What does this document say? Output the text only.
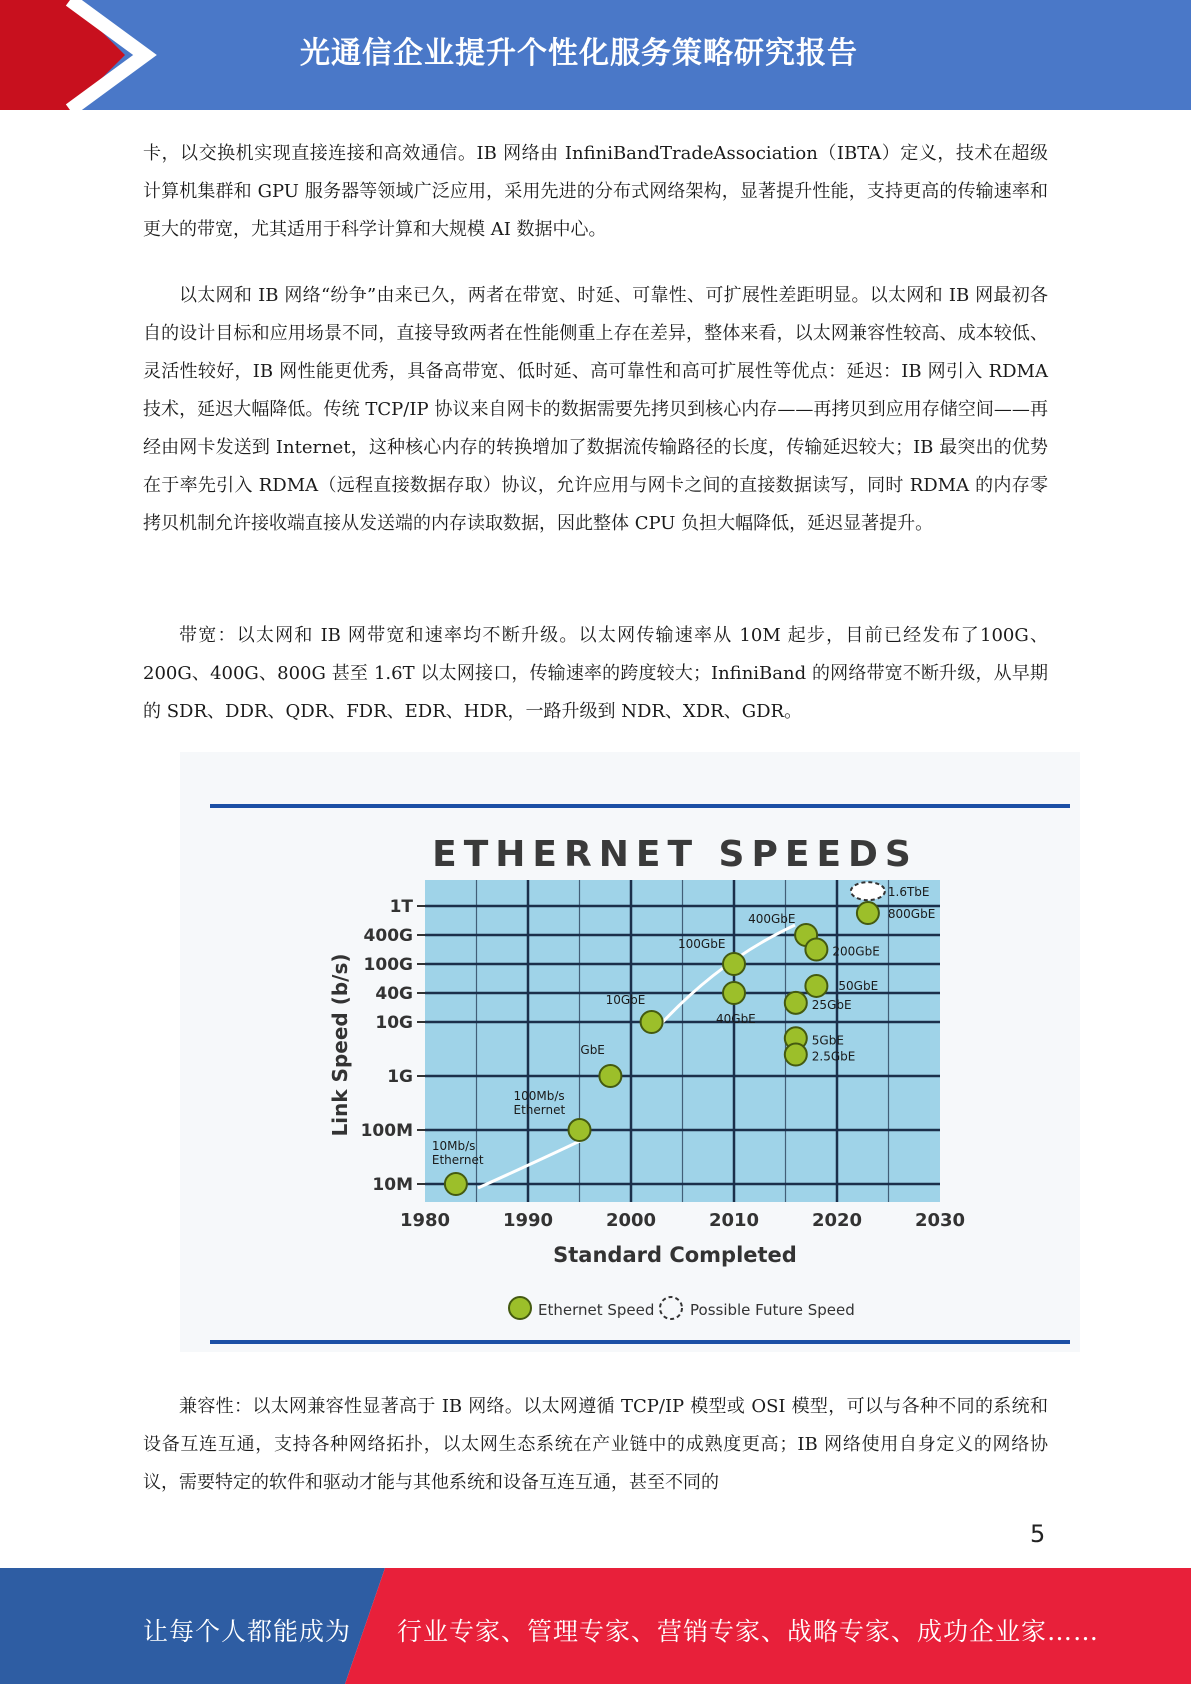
光通信企业提升个性化服务策略研究报告

卡，以交换机实现直接连接和高效通信。IB 网络由 InfiniBandTradeAssociation（IBTA）定义，技术在超级计算机集群和 GPU 服务器等领域广泛应用，采用先进的分布式网络架构，显著提升性能，支持更高的传输速率和更大的带宽，尤其适用于科学计算和大规模 AI 数据中心。

以太网和 IB 网络“纷争”由来已久，两者在带宽、时延、可靠性、可扩展性差距明显。以太网和 IB 网最初各自的设计目标和应用场景不同，直接导致两者在性能侧重上存在差异，整体来看，以太网兼容性较高、成本较低、灵活性较好，IB 网性能更优秀，具备高带宽、低时延、高可靠性和高可扩展性等优点：延迟：IB 网引入 RDMA 技术，延迟大幅降低。传统 TCP/IP 协议来自网卡的数据需要先拷贝到核心内存——再拷贝到应用存储空间——再经由网卡发送到 Internet，这种核心内存的转换增加了数据流传输路径的长度，传输延迟较大；IB 最突出的优势在于率先引入 RDMA（远程直接数据存取）协议，允许应用与网卡之间的直接数据读写，同时 RDMA 的内存零拷贝机制允许接收端直接从发送端的内存读取数据，因此整体 CPU 负担大幅降低，延迟显著提升。

带宽：以太网和 IB 网带宽和速率均不断升级。以太网传输速率从 10M 起步，目前已经发布了100G、200G、400G、800G 甚至 1.6T 以太网接口，传输速率的跨度较大；InfiniBand 的网络带宽不断升级，从早期的 SDR、DDR、QDR、FDR、EDR、HDR，一路升级到 NDR、XDR、GDR。

ETHERNET SPEEDS
10M
100M
1G
10G
40G
100G
400G
1T
1980	1990	2000	2010	2020	2030
10Mb/s Ethernet
100Mb/s Ethernet
GbE
10GbE
40GbE
100GbE
400GbE
200GbE
50GbE
25GbE
5GbE
2.5GbE
800GbE
1.6TbE
Link Speed (b/s)
Standard Completed
Ethernet Speed Possible Future Speed

兼容性：以太网兼容性显著高于 IB 网络。以太网遵循 TCP/IP 模型或 OSI 模型，可以与各种不同的系统和设备互连互通，支持各种网络拓扑，以太网生态系统在产业链中的成熟度更高；IB 网络使用自身定义的网络协议，需要特定的软件和驱动才能与其他系统和设备互连互通，甚至不同的

5
让每个人都能成为 行业专家、管理专家、营销专家、战略专家、成功企业家……
